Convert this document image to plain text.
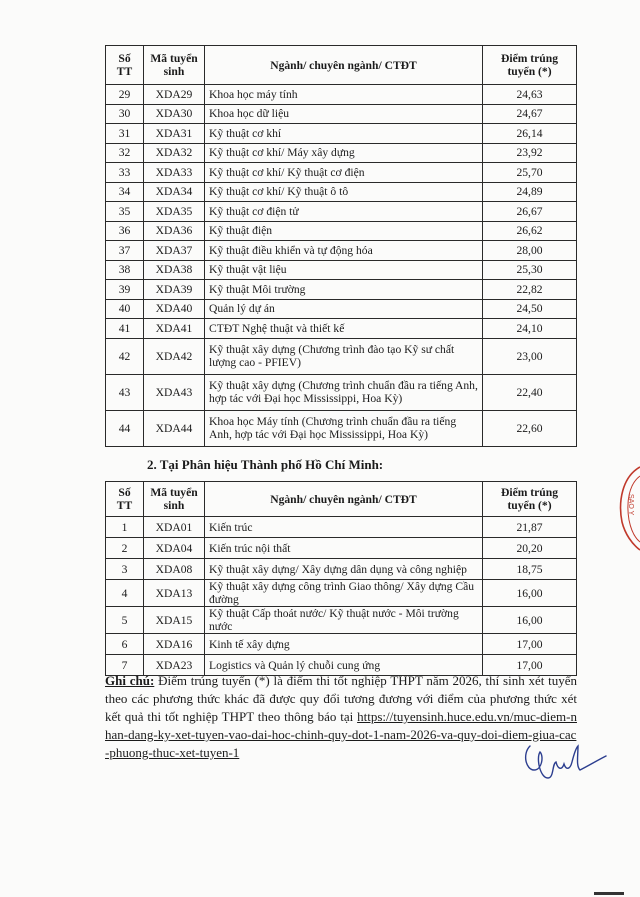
Số TT	Mã tuyển sinh	Ngành/ chuyên ngành/ CTĐT	Điểm trúng tuyển (*)
29	XDA29	Khoa học máy tính	24,63
30	XDA30	Khoa học dữ liệu	24,67
31	XDA31	Kỹ thuật cơ khí	26,14
32	XDA32	Kỹ thuật cơ khí/ Máy xây dựng	23,92
33	XDA33	Kỹ thuật cơ khí/ Kỹ thuật cơ điện	25,70
34	XDA34	Kỹ thuật cơ khí/ Kỹ thuật ô tô	24,89
35	XDA35	Kỹ thuật cơ điện tử	26,67
36	XDA36	Kỹ thuật điện	26,62
37	XDA37	Kỹ thuật điều khiển và tự động hóa	28,00
38	XDA38	Kỹ thuật vật liệu	25,30
39	XDA39	Kỹ thuật Môi trường	22,82
40	XDA40	Quản lý dự án	24,50
41	XDA41	CTĐT Nghệ thuật và thiết kế	24,10
42	XDA42	Kỹ thuật xây dựng (Chương trình đào tạo Kỹ sư chất lượng cao - PFIEV)	23,00
43	XDA43	Kỹ thuật xây dựng (Chương trình chuẩn đầu ra tiếng Anh, hợp tác với Đại học Mississippi, Hoa Kỳ)	22,40
44	XDA44	Khoa học Máy tính (Chương trình chuẩn đầu ra tiếng Anh, hợp tác với Đại học Mississippi, Hoa Kỳ)	22,60
2. Tại Phân hiệu Thành phố Hồ Chí Minh:
Số TT	Mã tuyển sinh	Ngành/ chuyên ngành/ CTĐT	Điểm trúng tuyển (*)
1	XDA01	Kiến trúc	21,87
2	XDA04	Kiến trúc nội thất	20,20
3	XDA08	Kỹ thuật xây dựng/ Xây dựng dân dụng và công nghiệp	18,75
4	XDA13	Kỹ thuật xây dựng công trình Giao thông/ Xây dựng Cầu đường	16,00
5	XDA15	Kỹ thuật Cấp thoát nước/ Kỹ thuật nước - Môi trường nước	16,00
6	XDA16	Kinh tế xây dựng	17,00
7	XDA23	Logistics và Quản lý chuỗi cung ứng	17,00
Ghi chú: Điểm trúng tuyển (*) là điểm thi tốt nghiệp THPT năm 2026, thí sinh xét tuyển theo các phương thức khác đã được quy đổi tương đương với điểm của phương thức xét kết quả thi tốt nghiệp THPT theo thông báo tại https://tuyensinh.huce.edu.vn/muc-diem-nhan-dang-ky-xet-tuyen-vao-dai-hoc-chinh-quy-dot-1-nam-2026-va-quy-doi-diem-giua-cac-phuong-thuc-xet-tuyen-1
SAO Y
